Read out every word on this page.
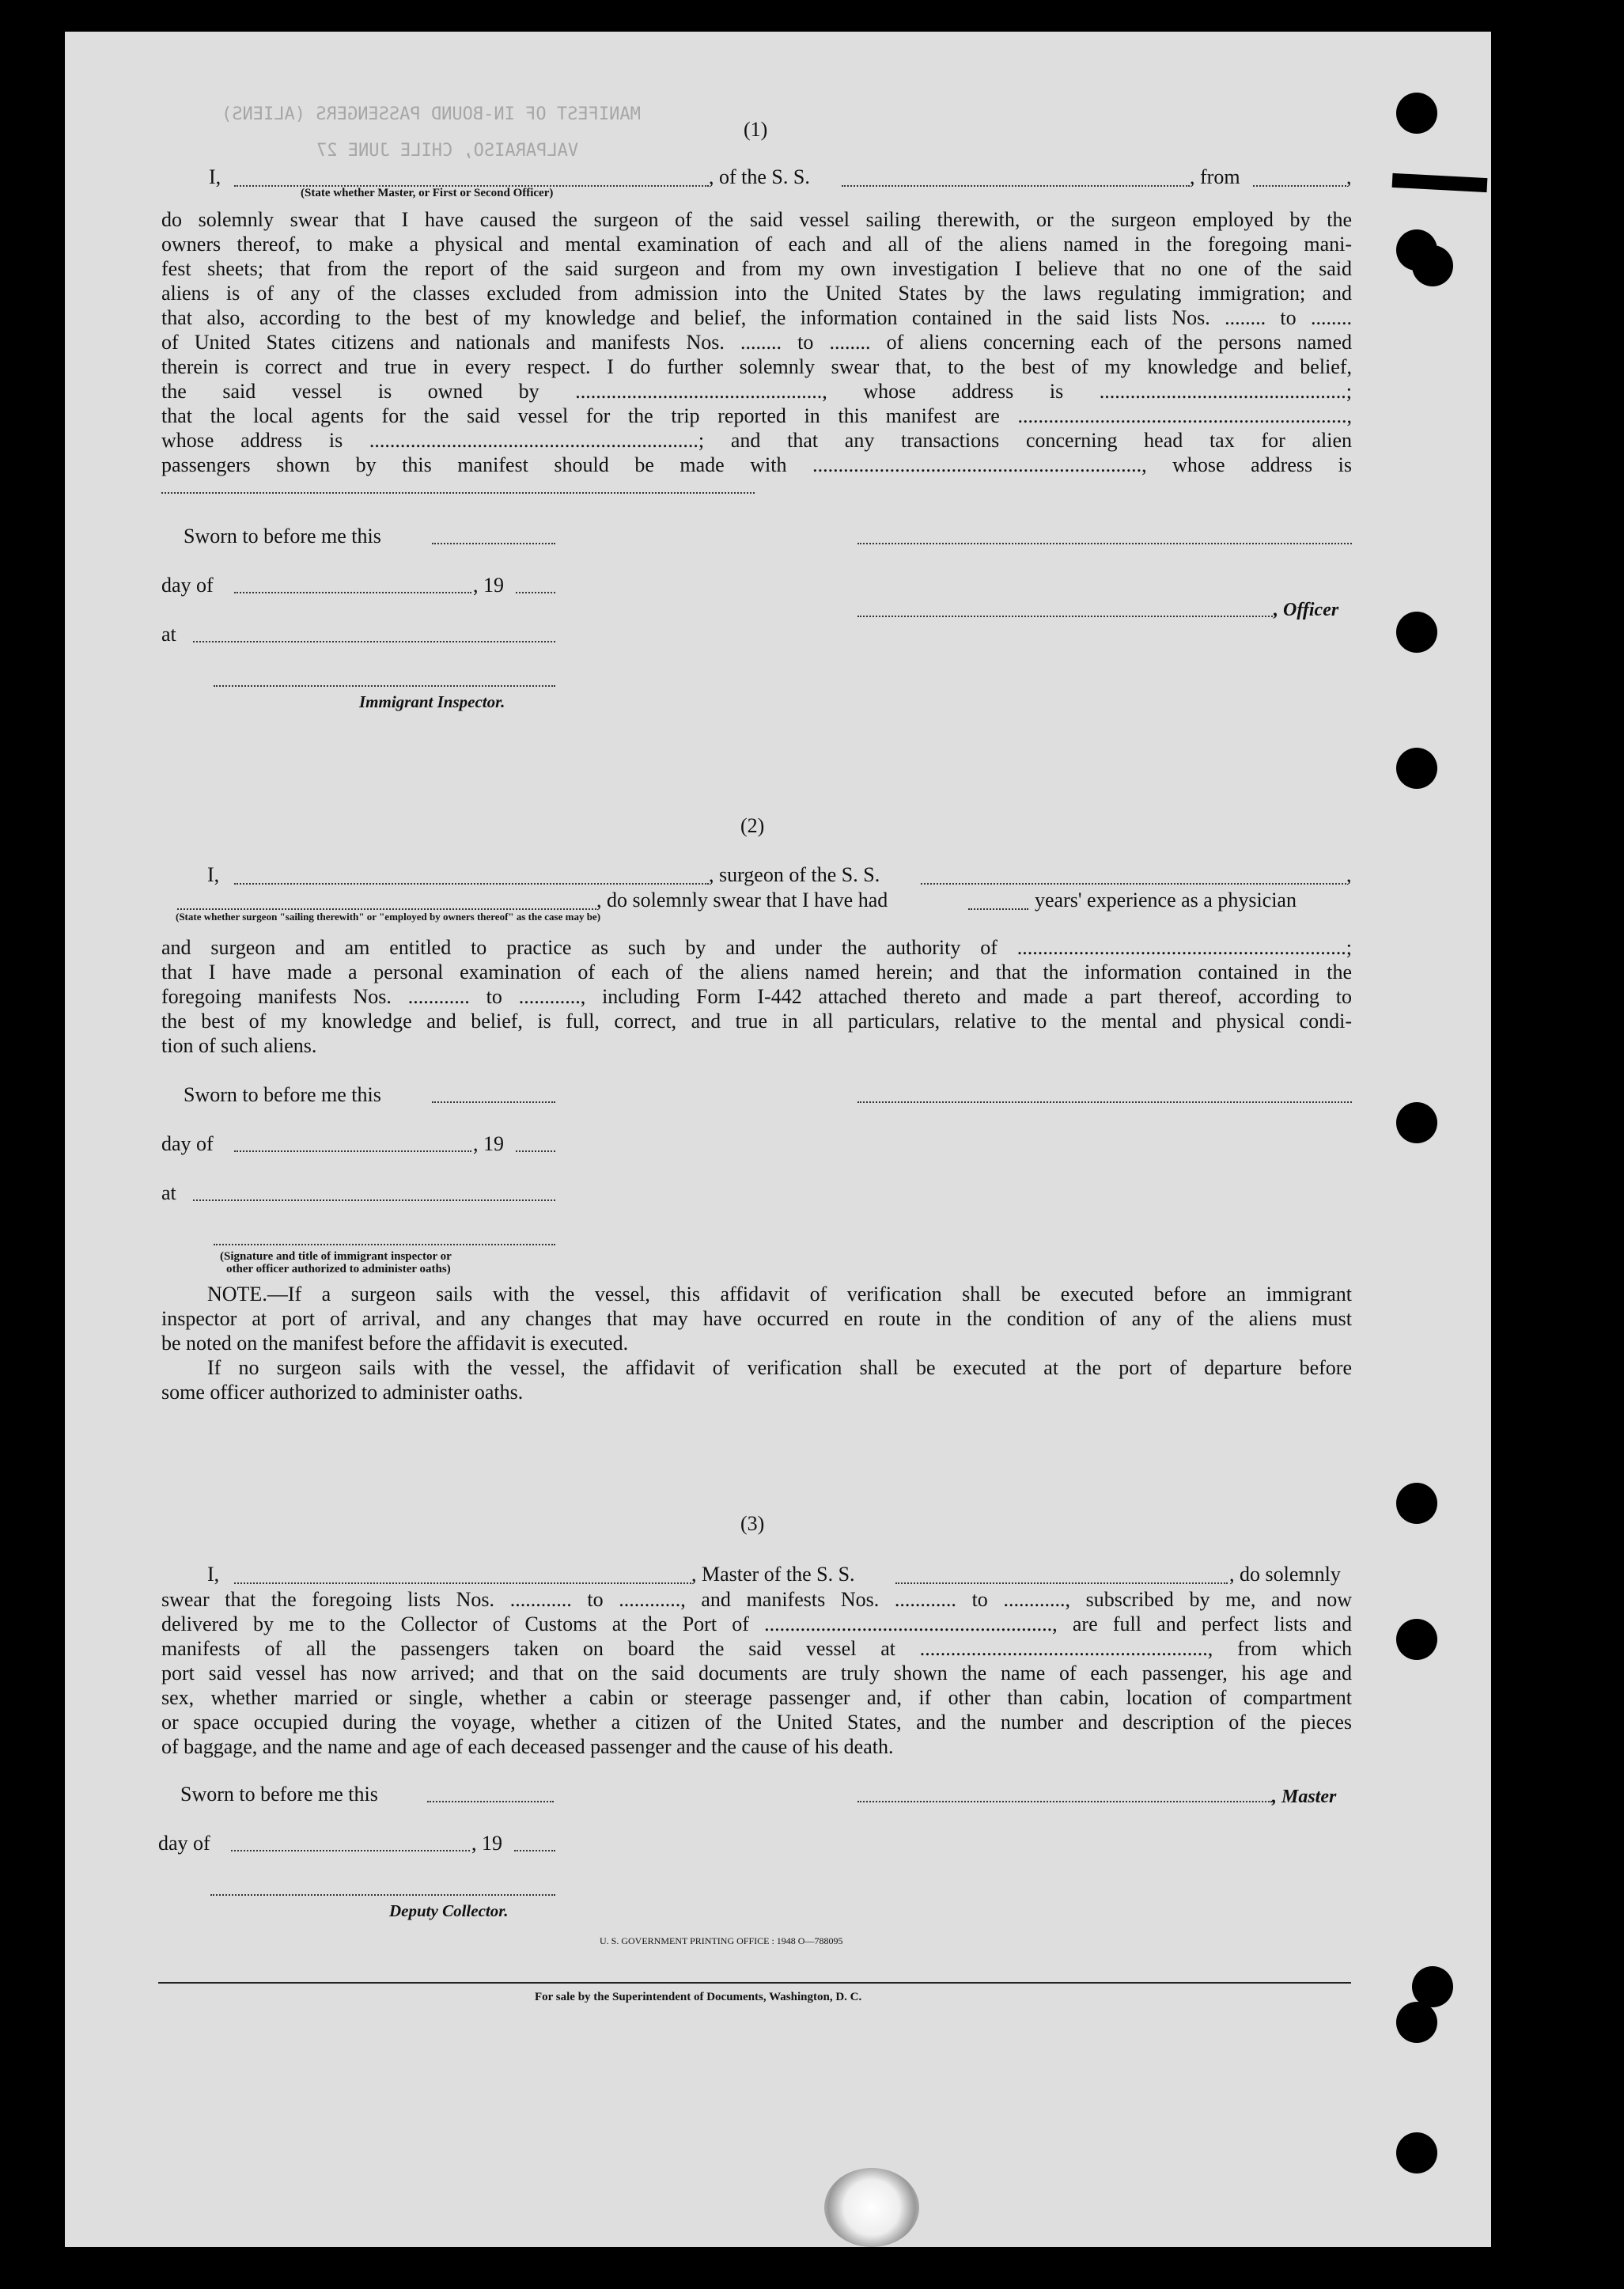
MANIFEST OF IN-BOUND PASSENGERS (ALIENS)
VALPARAISO, CHILE JUNE 27
(1)
I,	, of the S. S.	, from	,
(State whether Master, or First or Second Officer)
do solemnly swear that I have caused the surgeon of the said vessel sailing therewith, or the surgeon employed by the
owners thereof, to make a physical and mental examination of each and all of the aliens named in the foregoing mani-
fest sheets; that from the report of the said surgeon and from my own investigation I believe that no one of the said
aliens is of any of the classes excluded from admission into the United States by the laws regulating immigration; and
that also, according to the best of my knowledge and belief, the information contained in the said lists Nos. ........ to ........
of United States citizens and nationals and manifests Nos. ........ to ........ of aliens concerning each of the persons named
therein is correct and true in every respect. I do further solemnly swear that, to the best of my knowledge and belief,
the said vessel is owned by ................................................, whose address is ................................................;
that the local agents for the said vessel for the trip reported in this manifest are ................................................................,
whose address is ................................................................; and that any transactions concerning head tax for alien
passengers shown by this manifest should be made with ................................................................, whose address is
Sworn to before me this
day of	, 19
, Officer
at
Immigrant Inspector.
(2)
I,	, surgeon of the S. S.	,
, do solemnly swear that I have had	years' experience as a physician
(State whether surgeon "sailing therewith" or "employed by owners thereof" as the case may be)
and surgeon and am entitled to practice as such by and under the authority of ................................................................;
that I have made a personal examination of each of the aliens named herein; and that the information contained in the
foregoing manifests Nos. ............ to ............, including Form I-442 attached thereto and made a part thereof, according to
the best of my knowledge and belief, is full, correct, and true in all particulars, relative to the mental and physical condi-
tion of such aliens.
Sworn to before me this
day of	, 19
at
(Signature and title of immigrant inspector or
other officer authorized to administer oaths)
NOTE.—If a surgeon sails with the vessel, this affidavit of verification shall be executed before an immigrant
inspector at port of arrival, and any changes that may have occurred en route in the condition of any of the aliens must
be noted on the manifest before the affidavit is executed.
If no surgeon sails with the vessel, the affidavit of verification shall be executed at the port of departure before
some officer authorized to administer oaths.
(3)
I,	, Master of the S. S.	, do solemnly
swear that the foregoing lists Nos. ............ to ............, and manifests Nos. ............ to ............, subscribed by me, and now
delivered by me to the Collector of Customs at the Port of ........................................................, are full and perfect lists and
manifests of all the passengers taken on board the said vessel at ........................................................, from which
port said vessel has now arrived; and that on the said documents are truly shown the name of each passenger, his age and
sex, whether married or single, whether a cabin or steerage passenger and, if other than cabin, location of compartment
or space occupied during the voyage, whether a citizen of the United States, and the number and description of the pieces
of baggage, and the name and age of each deceased passenger and the cause of his death.
Sworn to before me this	, Master
day of	, 19
Deputy Collector.
U. S. GOVERNMENT PRINTING OFFICE : 1948 O—788095
For sale by the Superintendent of Documents, Washington, D. C.
